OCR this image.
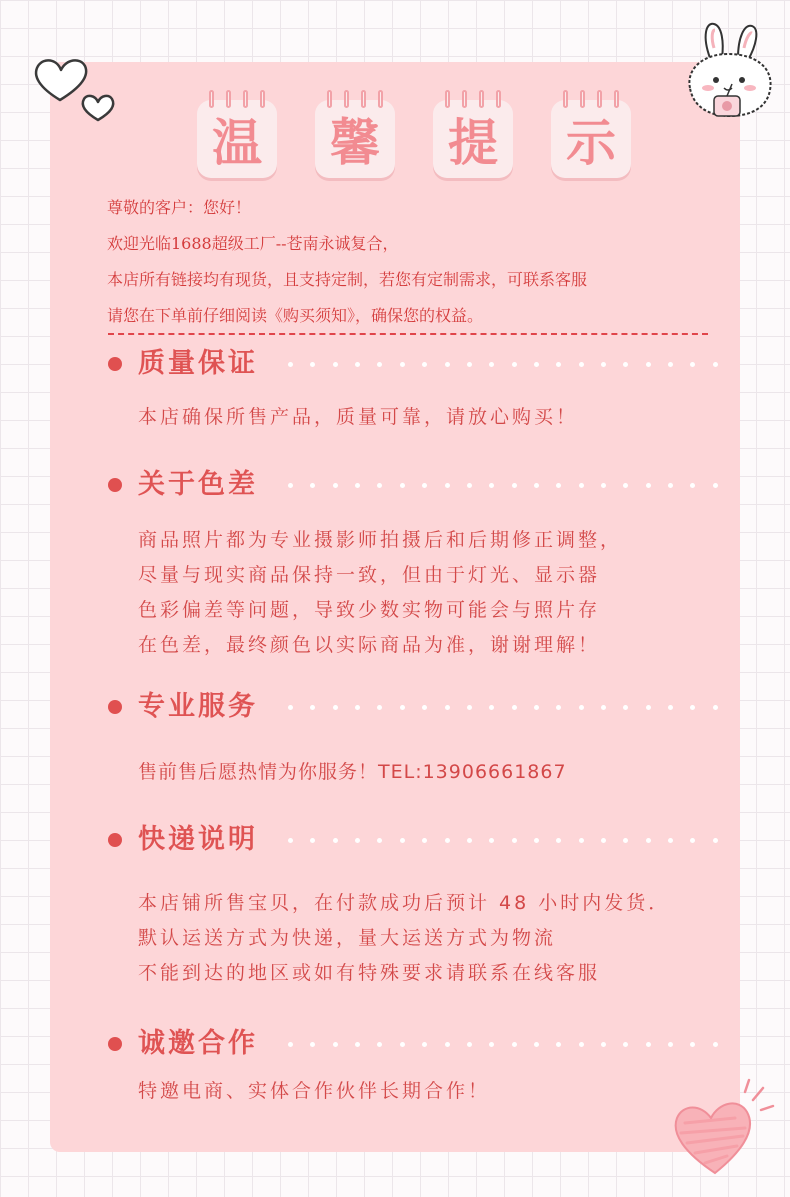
温 馨 提 示
尊敬的客户：您好！
欢迎光临1688超级工厂--苍南永诚复合，
本店所有链接均有现货，且支持定制，若您有定制需求，可联系客服
请您在下单前仔细阅读《购买须知》，确保您的权益。
质量保证
本店确保所售产品，质量可靠，请放心购买！
关于色差
商品照片都为专业摄影师拍摄后和后期修正调整，
尽量与现实商品保持一致，但由于灯光、显示器
色彩偏差等问题，导致少数实物可能会与照片存
在色差，最终颜色以实际商品为准，谢谢理解！
专业服务
售前售后愿热情为你服务！TEL:13906661867
快递说明
本店铺所售宝贝，在付款成功后预计 48 小时内发货．
默认运送方式为快递，量大运送方式为物流
不能到达的地区或如有特殊要求请联系在线客服
诚邀合作
特邀电商、实体合作伙伴长期合作！
